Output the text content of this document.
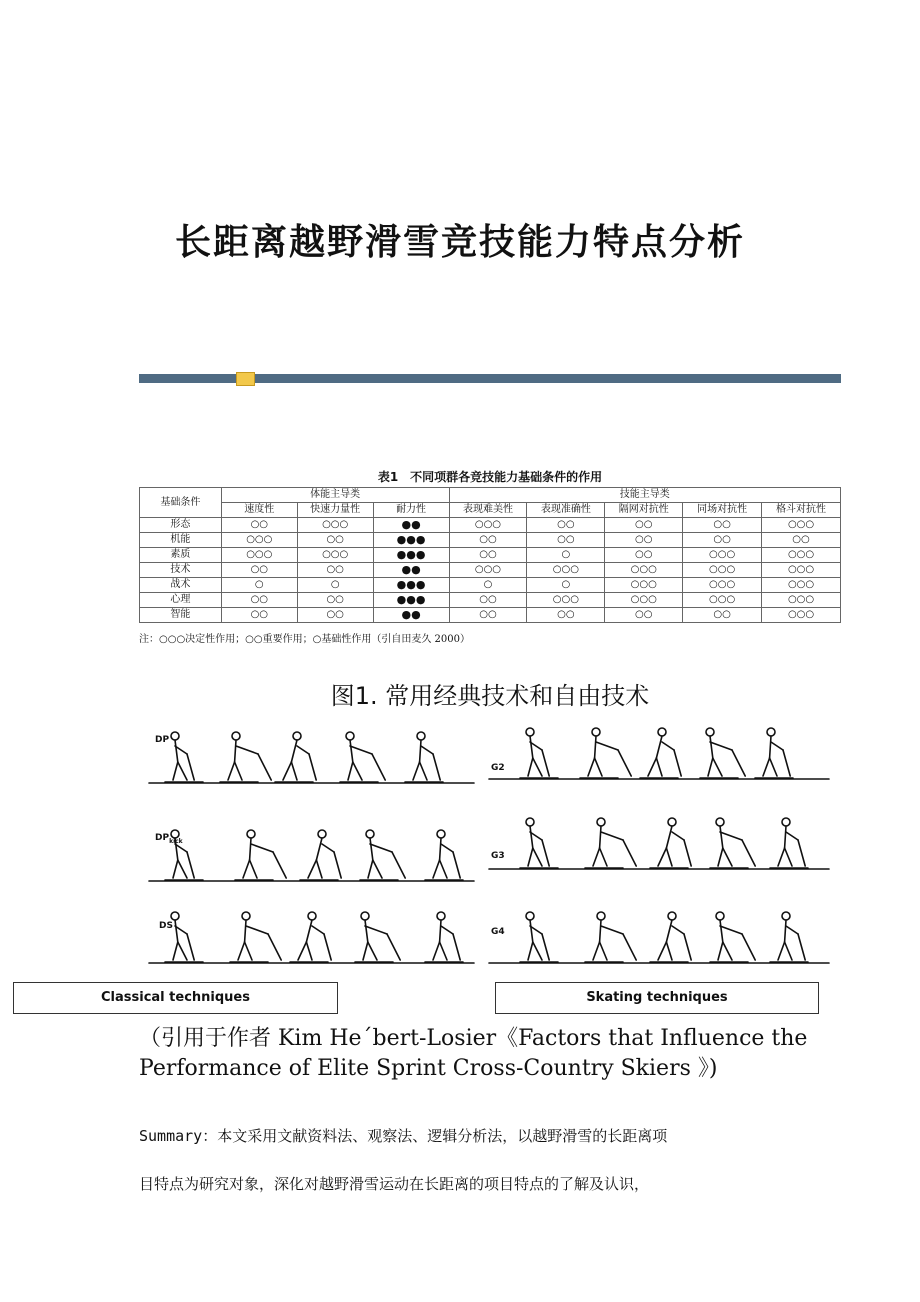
长距离越野滑雪竞技能力特点分析
表1　不同项群各竞技能力基础条件的作用
基础条件	体能主导类			技能主导类				
	速度性	快速力量性	耐力性	表现难美性	表现准确性	隔网对抗性	同场对抗性	格斗对抗性
形态	○○	○○○	●●	○○○	○○	○○	○○	○○○
机能	○○○	○○	●●●	○○	○○	○○	○○	○○
素质	○○○	○○○	●●●	○○	○	○○	○○○	○○○
技术	○○	○○	●●	○○○	○○○	○○○	○○○	○○○
战术	○	○	●●●	○	○	○○○	○○○	○○○
心理	○○	○○	●●●	○○	○○○	○○○	○○○	○○○
智能	○○	○○	●●	○○	○○	○○	○○	○○○
注：○○○决定性作用；○○重要作用；○基础性作用（引自田麦久 2000）
图1. 常用经典技术和自由技术
DP
$DP_{kick}$
DS
G2
G3
G4
Classical techniques	Skating techniques
（引用于作者 Kim He´bert-Losier《Factors that Influence the Performance of Elite Sprint Cross-Country Skiers 》)
Summary：本文采用文献资料法、观察法、逻辑分析法，以越野滑雪的长距离项
目特点为研究对象，深化对越野滑雪运动在长距离的项目特点的了解及认识，
